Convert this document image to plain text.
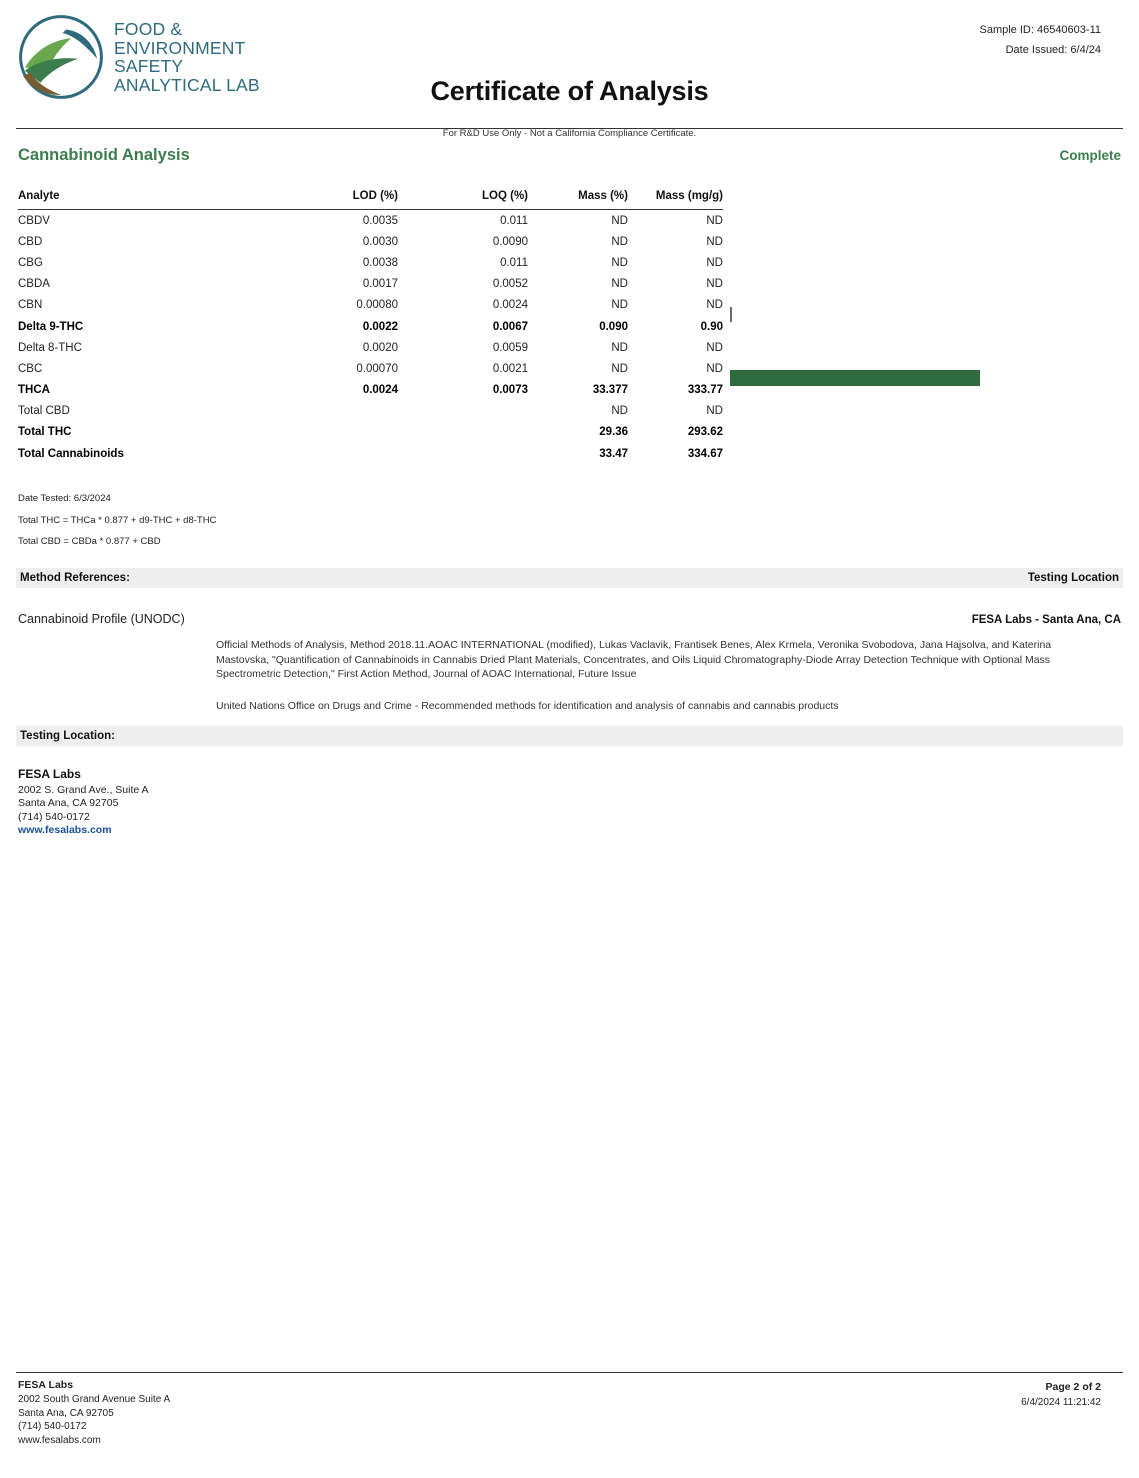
FOOD &
ENVIRONMENT
SAFETY
ANALYTICAL LAB	Certificate of Analysis
For R&D Use Only - Not a California Compliance Certificate.
Sample ID: 46540603-11
Date Issued: 6/4/24
Cannabinoid Analysis	Complete
Analyte	LOD (%)	LOQ (%)	Mass (%)	Mass (mg/g)
CBDV	0.0035	0.011	ND	ND
CBD	0.0030	0.0090	ND	ND
CBG	0.0038	0.011	ND	ND
CBDA	0.0017	0.0052	ND	ND
CBN	0.00080	0.0024	ND	ND
Delta 9-THC	0.0022	0.0067	0.090	0.90
Delta 8-THC	0.0020	0.0059	ND	ND
CBC	0.00070	0.0021	ND	ND
THCA	0.0024	0.0073	33.377	333.77
Total CBD			ND	ND
Total THC			29.36	293.62
Total Cannabinoids			33.47	334.67
Date Tested: 6/3/2024
Total THC = THCa * 0.877 + d9-THC + d8-THC
Total CBD = CBDa * 0.877 + CBD
Method References:	Testing Location
Cannabinoid Profile (UNODC)	FESA Labs - Santa Ana, CA

Official Methods of Analysis, Method 2018.11.AOAC INTERNATIONAL (modified), Lukas Vaclavik, Frantisek Benes, Alex Krmela, Veronika Svobodova, Jana Hajsolva, and Katerina Mastovska, "Quantification of Cannabinoids in Cannabis Dried Plant Materials, Concentrates, and Oils Liquid Chromatography-Diode Array Detection Technique with Optional Mass Spectrometric Detection," First Action Method, Journal of AOAC International, Future Issue

United Nations Office on Drugs and Crime - Recommended methods for identification and analysis of cannabis and cannabis products

Testing Location:
FESA Labs
2002 S. Grand Ave., Suite A
Santa Ana, CA 92705
(714) 540-0172
www.fesalabs.com
FESA Labs
2002 South Grand Avenue Suite A
Santa Ana, CA 92705
(714) 540-0172
www.fesalabs.com
Page 2 of 2
6/4/2024 11:21:42
